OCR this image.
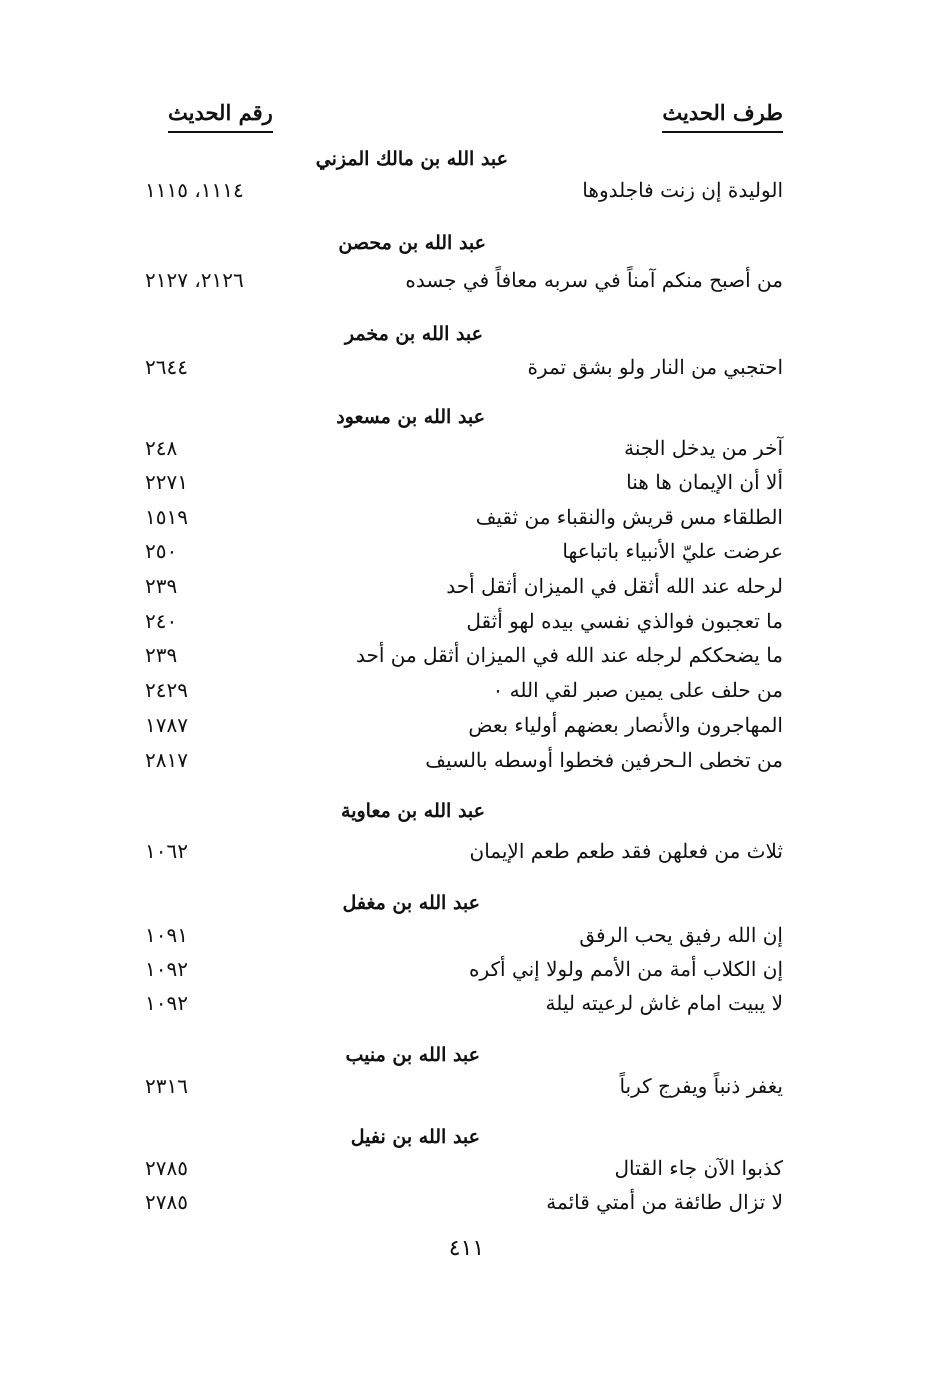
طرف الحديث
رقم الحديث
عبد الله بن مالك المزني
الوليدة إن زنت فاجلدوها
١١١٤، ١١١٥
عبد الله بن محصن
من أصبح منكم آمناً في سربه معافاً في جسده
٢١٢٦، ٢١٢٧
عبد الله بن مخمر
احتجبي من النار ولو بشق تمرة
٢٦٤٤
عبد الله بن مسعود
آخر من يدخل الجنة
٢٤٨
ألا أن الإيمان ها هنا
٢٢٧١
الطلقاء مس قريش والنقباء من ثقيف
١٥١٩
عرضت عليّ الأنبياء باتباعها
٢٥٠
لرحله عند الله أثقل في الميزان أثقل أحد
٢٣٩
ما تعجبون فوالذي نفسي بيده لهو أثقل
٢٤٠
ما يضحككم لرجله عند الله في الميزان أثقل من أحد
٢٣٩
من حلف على يمين صبر لقي الله ٠
٢٤٢٩
المهاجرون والأنصار بعضهم أولياء بعض
١٧٨٧
من تخطى الـحرفين فخطوا أوسطه بالسيف
٢٨١٧
عبد الله بن معاوية
ثلاث من فعلهن فقد طعم طعم الإيمان
١٠٦٢
عبد الله بن مغفل
إن الله رفيق يحب الرفق
١٠٩١
إن الكلاب أمة من الأمم ولولا إني أكره
١٠٩٢
لا يبيت امام غاش لرعيته ليلة
١٠٩٢
عبد الله بن منيب
يغفر ذنباً ويفرج كرباً
٢٣١٦
عبد الله بن نفيل
كذبوا الآن جاء القتال
٢٧٨٥
لا تزال طائفة من أمتي قائمة
٢٧٨٥
٤١١
